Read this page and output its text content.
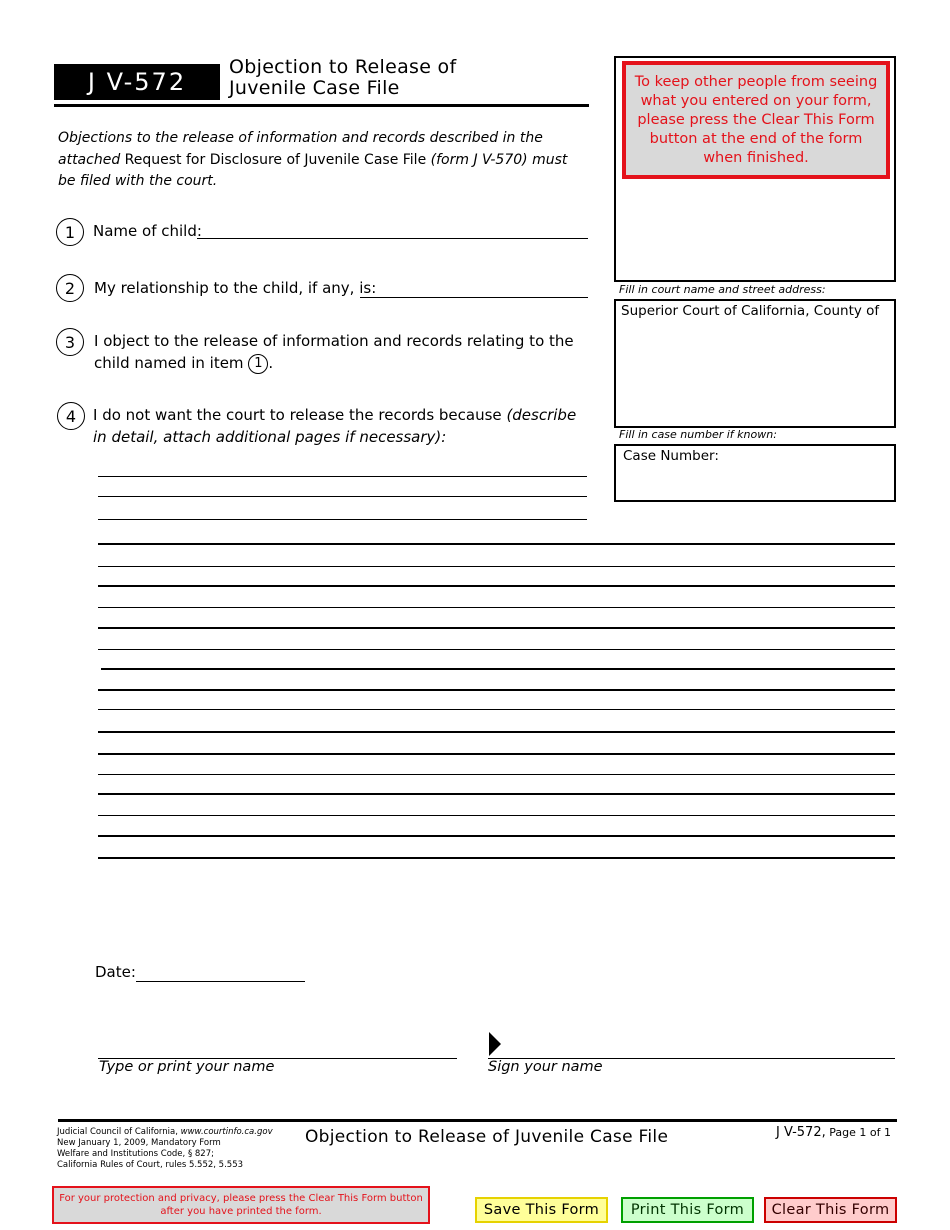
J V-572
Objection to Release of
Juvenile Case File
Objections to the release of information and records described in the attached Request for Disclosure of Juvenile Case File (form J V-570) must be filed with the court.
1	Name of child:
2	My relationship to the child, if any, is:
3	I object to the release of information and records relating to the child named in item 1 .
4	I do not want the court to release the records because (describe in detail, attach additional pages if necessary):
To keep other people from seeing what you entered on your form, please press the Clear This Form button at the end of the form when finished.
Fill in court name and street address:
Superior Court of California, County of
Fill in case number if known:
Case Number:
Date:
Type or print your name	Sign your name
Judicial Council of California, www.courtinfo.ca.gov
New January 1, 2009, Mandatory Form
Welfare and Institutions Code, § 827;
California Rules of Court, rules 5.552, 5.553
Objection to Release of Juvenile Case File	J V-572, Page 1 of 1
For your protection and privacy, please press the Clear This Form button after you have printed the form.	Save This Form	Print This Form	Clear This Form
